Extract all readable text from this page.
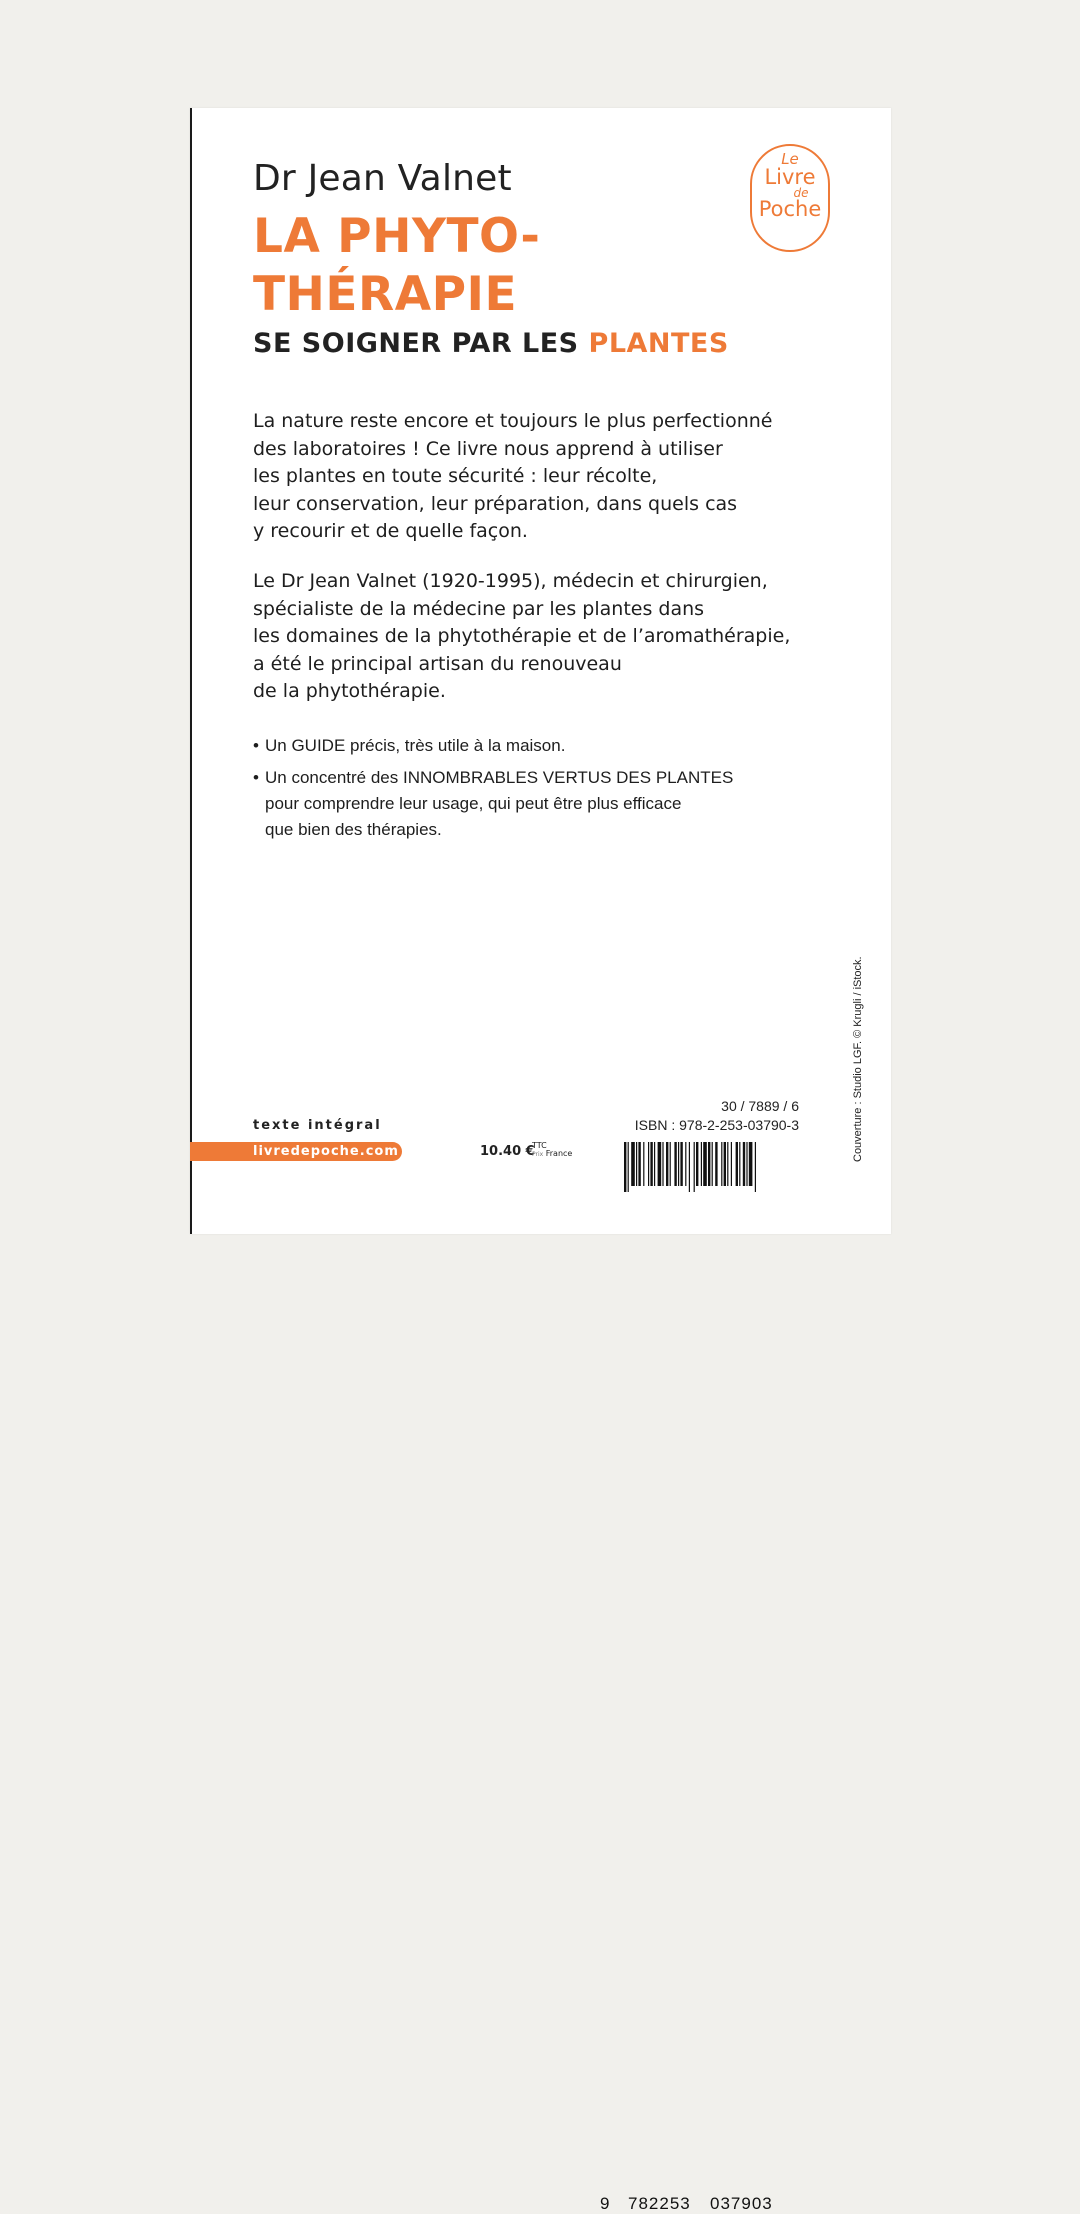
Dr Jean Valnet
LA PHYTO-
THÉRAPIE
SE SOIGNER PAR LES PLANTES
Le
Livre
de
Poche
La nature reste encore et toujours le plus perfectionné
des laboratoires ! Ce livre nous apprend à utiliser
les plantes en toute sécurité : leur récolte,
leur conservation, leur préparation, dans quels cas
y recourir et de quelle façon.
Le Dr Jean Valnet (1920-1995), médecin et chirurgien,
spécialiste de la médecine par les plantes dans
les domaines de la phytothérapie et de l’aromathérapie,
a été le principal artisan du renouveau
de la phytothérapie.
• Un GUIDE précis, très utile à la maison.
• Un concentré des INNOMBRABLES VERTUS DES PLANTES
pour comprendre leur usage, qui peut être plus efficace
que bien des thérapies.
Couverture : Studio LGF. © Krugli / iStock.
texte intégral
livredepoche.com	10.40 €
TTC
Prix France
30 / 7889 / 6
ISBN : 978-2-253-03790-3
9 782253 037903
